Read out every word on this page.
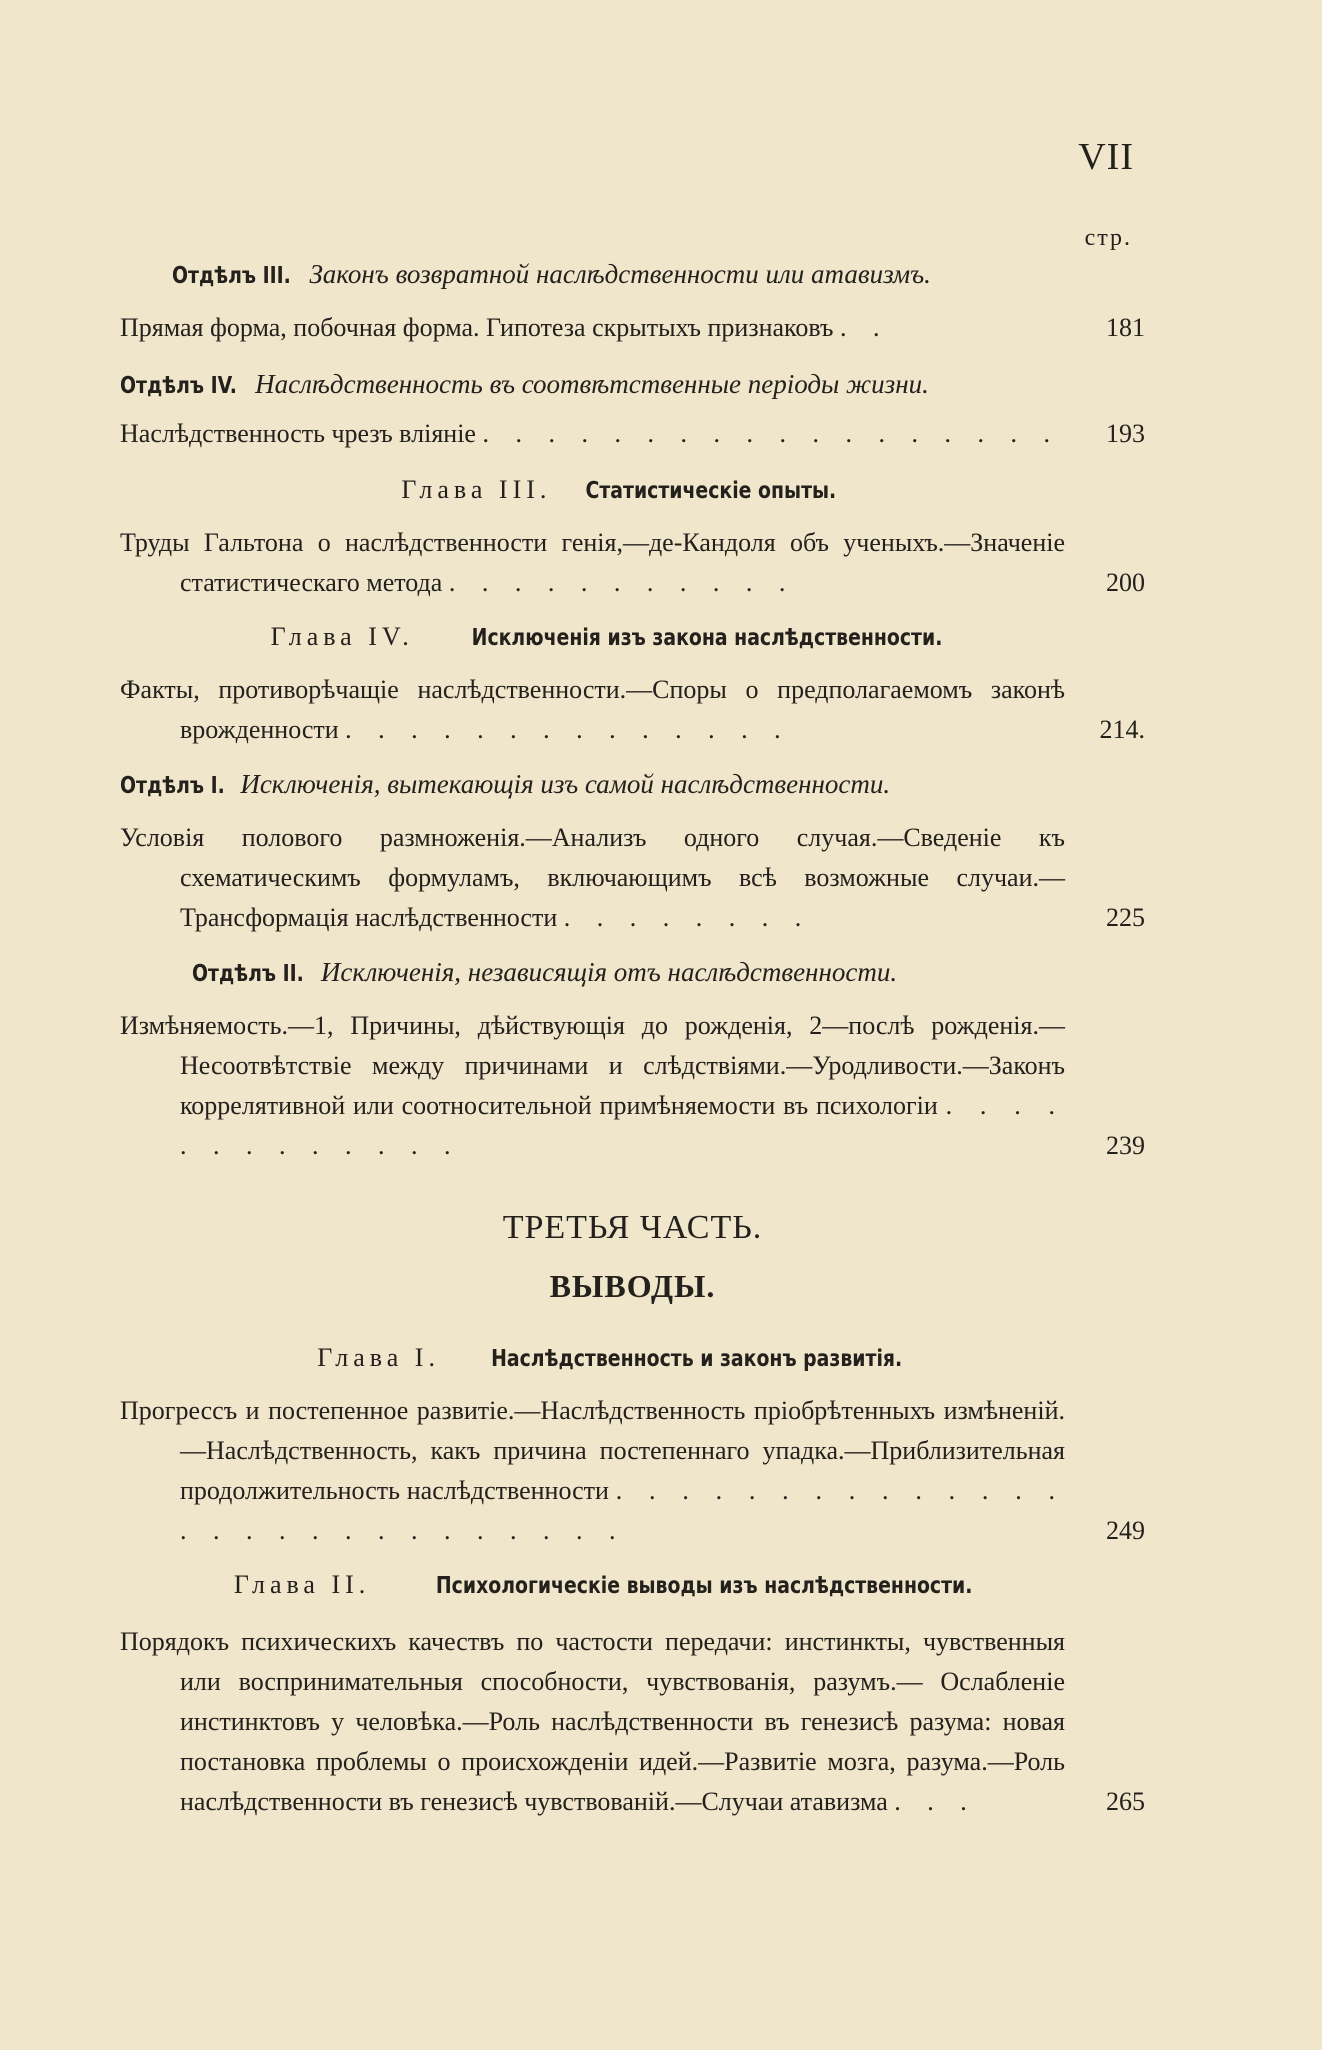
VII
стр.

Отдѣлъ III. Законъ возвратной наслѣдственности или атавизмъ.

Прямая форма, побочная форма. Гипотеза скрытыхъ признаковъ . .	181

Отдѣлъ IV. Наслѣдственность въ соотвѣтственные періоды жизни.

Наслѣдственность чрезъ вліяніе . . . . . . . . . . . . . . . . . .	193

Глава III. Статистическіе опыты.

Труды Гальтона о наслѣдственности генія,—де-Кандоля объ ученыхъ.—Значеніе статистическаго метода . . . . . . . . . . .	200

Глава IV.	Исключенія изъ закона наслѣдственности.

Факты, противорѣчащіе наслѣдственности.—Споры о предполагаемомъ законѣ врожденности . . . . . . . . . . . . . .	214.

Отдѣлъ I. Исключенія, вытекающія изъ самой наслѣдственности.

Условія полового размноженія.—Анализъ одного случая.—Сведеніе къ схематическимъ формуламъ, включающимъ всѣ возможные случаи.—Трансформація наслѣдственности . . . . . . . .	225

Отдѣлъ II. Исключенія, независящія отъ наслѣдственности.

Измѣняемость.—1, Причины, дѣйствующія до рожденія, 2—послѣ рожденія.—Несоотвѣтствіе между причинами и слѣдствіями.—Уродливости.—Законъ коррелятивной или соотносительной примѣняемости въ психологіи . . . . . . . . . . . . .	239

ТРЕТЬЯ ЧАСТЬ.

ВЫВОДЫ.

Глава I. Наслѣдственность и законъ развитія.

Прогрессъ и постепенное развитіе.—Наслѣдственность пріобрѣтенныхъ измѣненій.—Наслѣдственность, какъ причина постепеннаго упадка.—Приблизительная продолжительность наслѣдственности . . . . . . . . . . . . . . . . . . . . . . . . . . . .	249

Глава II.	Психологическіе выводы изъ наслѣдственности.

Порядокъ психическихъ качествъ по частости передачи: инстинкты, чувственныя или воспринимательныя способности, чувствованія, разумъ.— Ослабленіе инстинктовъ у человѣка.—Роль наслѣдственности въ генезисѣ разума: новая постановка проблемы о происхожденіи идей.—Развитіе мозга, разума.—Роль наслѣдственности въ генезисѣ чувствованій.—Случаи атавизма . . .	265
